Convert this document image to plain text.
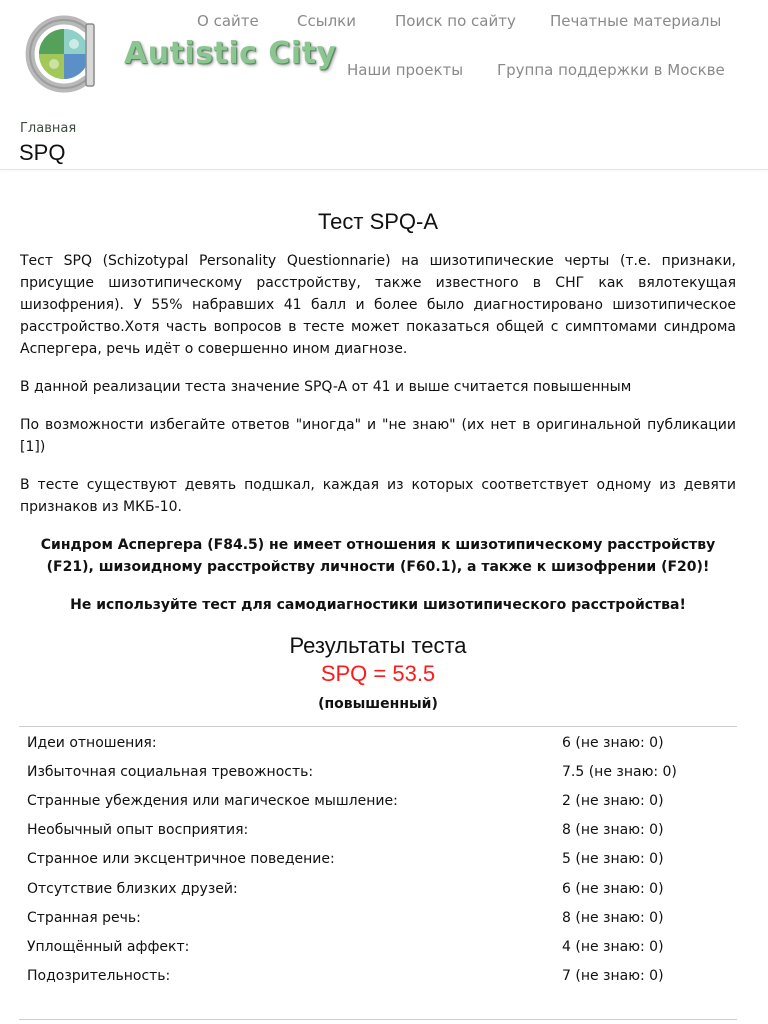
Autistic City
О сайте	Ссылки	Поиск по сайту Печатные материалы
Наши проекты Группа поддержки в Москве
Главная
SPQ
Тест SPQ-A

Тест SPQ (Schizotypal Personality Questionnarie) на шизотипические черты (т.е. признаки, присущие шизотипическому расстройству, также известного в СНГ как вялотекущая шизофрения). У 55% набравших 41 балл и более было диагностировано шизотипическое расстройство.Хотя часть вопросов в тесте может показаться общей с симптомами синдрома Аспергера, речь идёт о совершенно ином диагнозе.

В данной реализации теста значение SPQ-A от 41 и выше считается повышенным

По возможности избегайте ответов "иногда" и "не знаю" (их нет в оригинальной публикации [1])

В тесте существуют девять подшкал, каждая из которых соответствует одному из девяти признаков из МКБ-10.

Синдром Аспергера (F84.5) не имеет отношения к шизотипическому расстройству (F21), шизоидному расстройству личности (F60.1), а также к шизофрении (F20)!

Не используйте тест для самодиагностики шизотипического расстройства!

Результаты теста
SPQ = 53.5
(повышенный)
Идеи отношения:	6 (не знаю: 0)
Избыточная социальная тревожность:	7.5 (не знаю: 0)
Странные убеждения или магическое мышление:	2 (не знаю: 0)
Необычный опыт восприятия:	8 (не знаю: 0)
Странное или эксцентричное поведение:	5 (не знаю: 0)
Отсутствие близких друзей:	6 (не знаю: 0)
Странная речь:	8 (не знаю: 0)
Уплощённый аффект:	4 (не знаю: 0)
Подозрительность:	7 (не знаю: 0)
